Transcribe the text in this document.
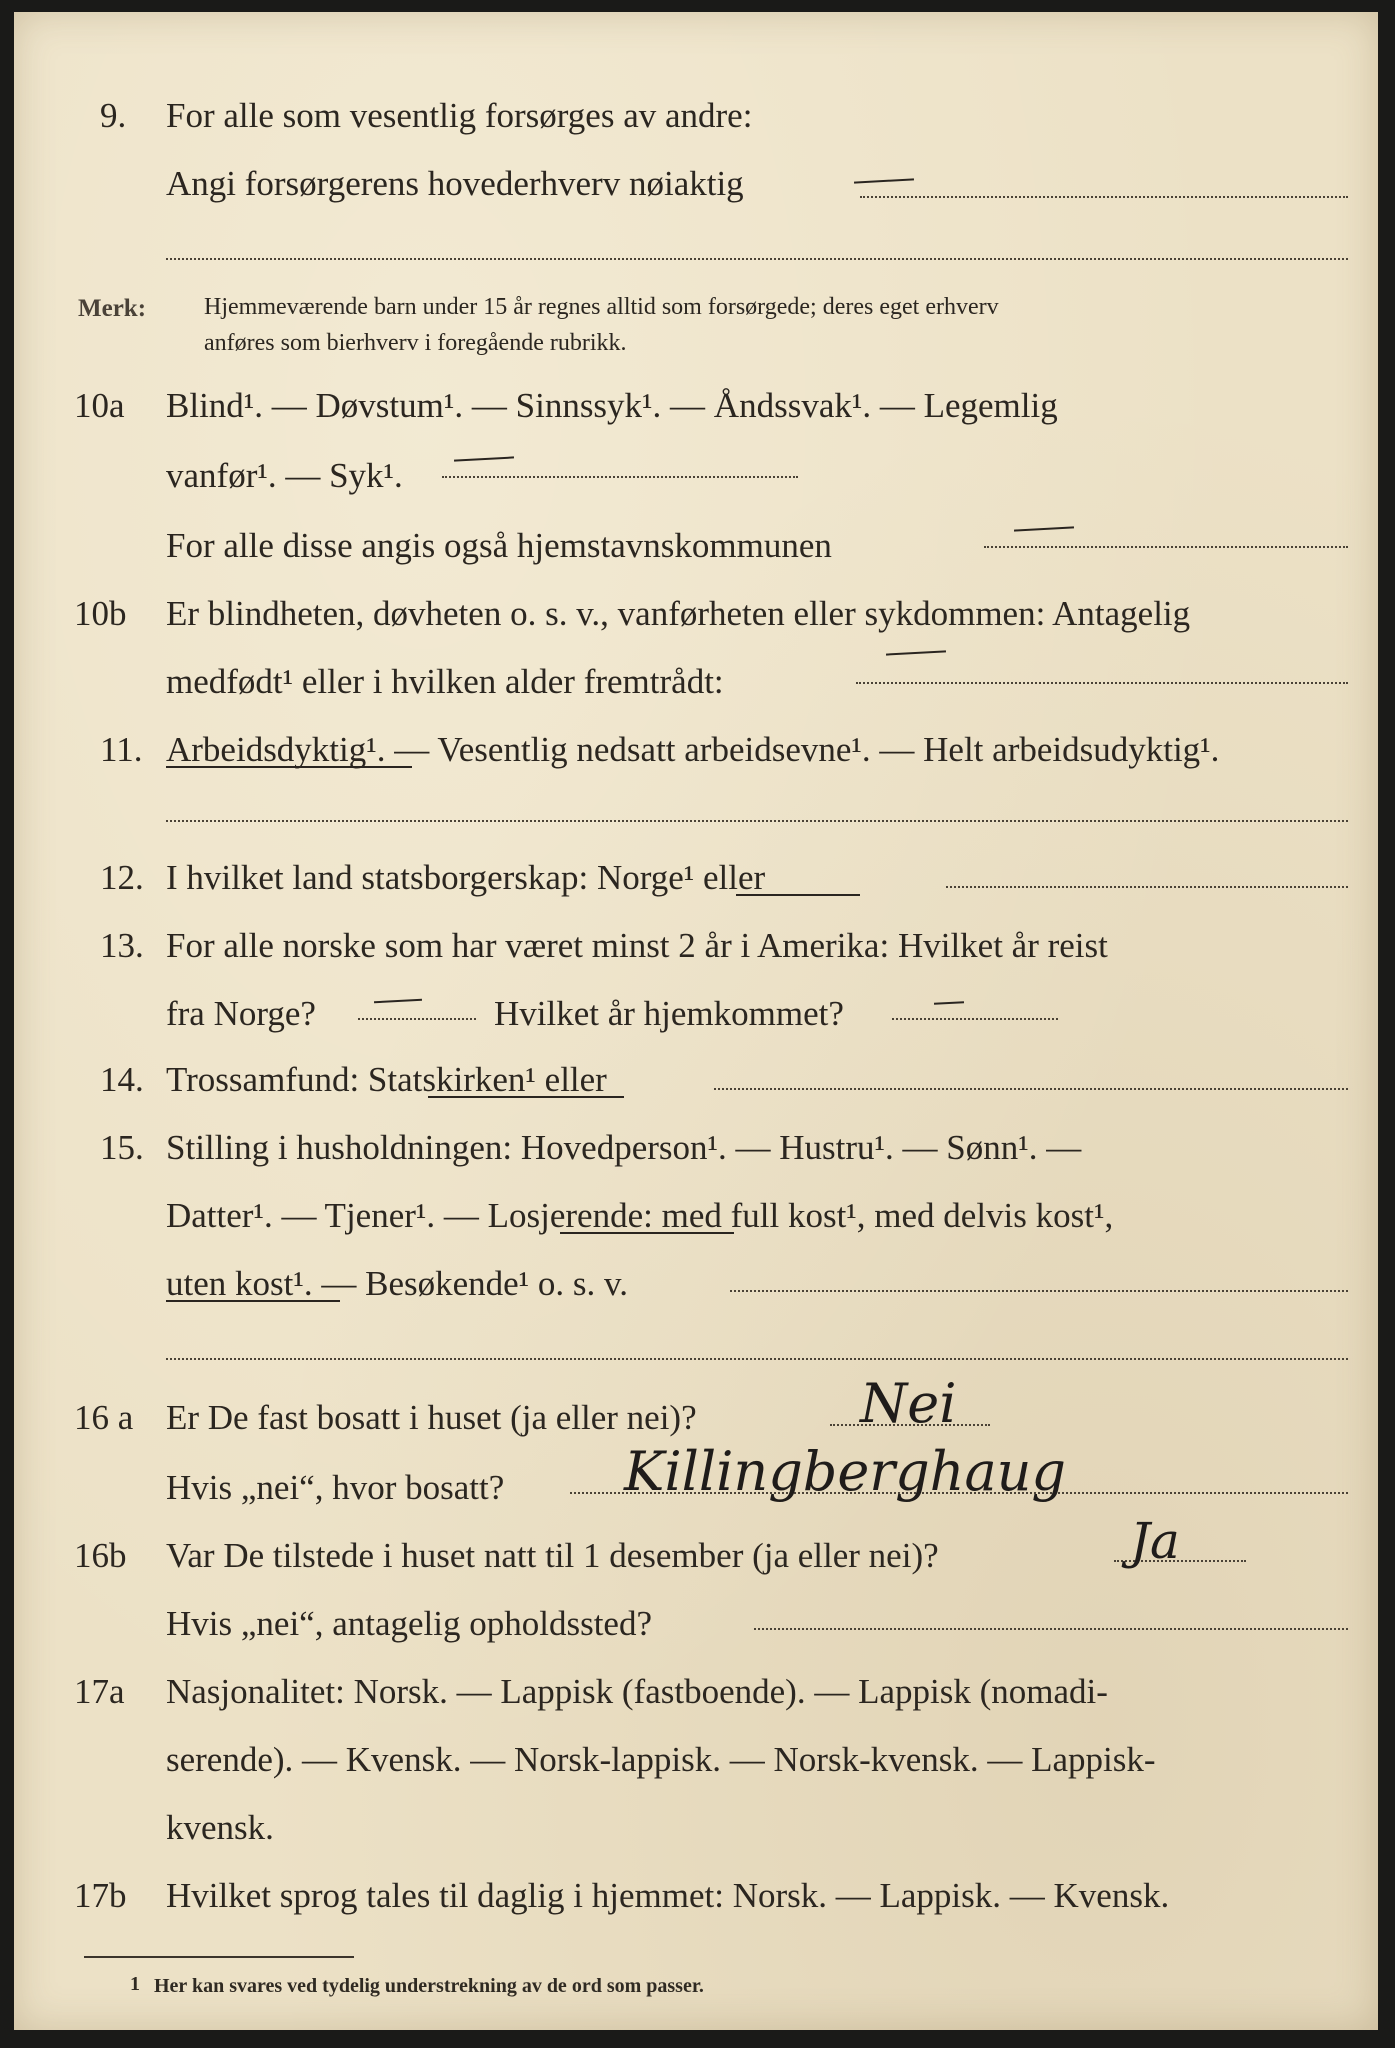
9. For alle som vesentlig forsørges av andre:
Angi forsørgerens hovederhverv nøiaktig
Merk: Hjemmeværende barn under 15 år regnes alltid som forsørgede; deres eget erhverv
anføres som bierhverv i foregående rubrikk.
10a Blind¹. — Døvstum¹. — Sinnssyk¹. — Åndssvak¹. — Legemlig
vanfør¹. — Syk¹.
For alle disse angis også hjemstavnskommunen
10b Er blindheten, døvheten o. s. v., vanførheten eller sykdommen: Antagelig
medfødt¹ eller i hvilken alder fremtrådt:
11. Arbeidsdyktig¹. — Vesentlig nedsatt arbeidsevne¹. — Helt arbeidsudyktig¹.
12. I hvilket land statsborgerskap: Norge¹ eller
13. For alle norske som har været minst 2 år i Amerika: Hvilket år reist
fra Norge?	Hvilket år hjemkommet?
14. Trossamfund: Statskirken¹ eller
15. Stilling i husholdningen: Hovedperson¹. — Hustru¹. — Sønn¹. —
Datter¹. — Tjener¹. — Losjerende: med full kost¹, med delvis kost¹,
uten kost¹. — Besøkende¹ o. s. v.
16 a Er De fast bosatt i huset (ja eller nei)?	Nei
Hvis „nei“, hvor bosatt? Killingberghaug
16b Var De tilstede i huset natt til 1 desember (ja eller nei)?	Ja
Hvis „nei“, antagelig opholdssted?
17a Nasjonalitet: Norsk. — Lappisk (fastboende). — Lappisk (nomadi-
serende). — Kvensk. — Norsk-lappisk. — Norsk-kvensk. — Lappisk-
kvensk.
17b Hvilket sprog tales til daglig i hjemmet: Norsk. — Lappisk. — Kvensk.
1 Her kan svares ved tydelig understrekning av de ord som passer.
